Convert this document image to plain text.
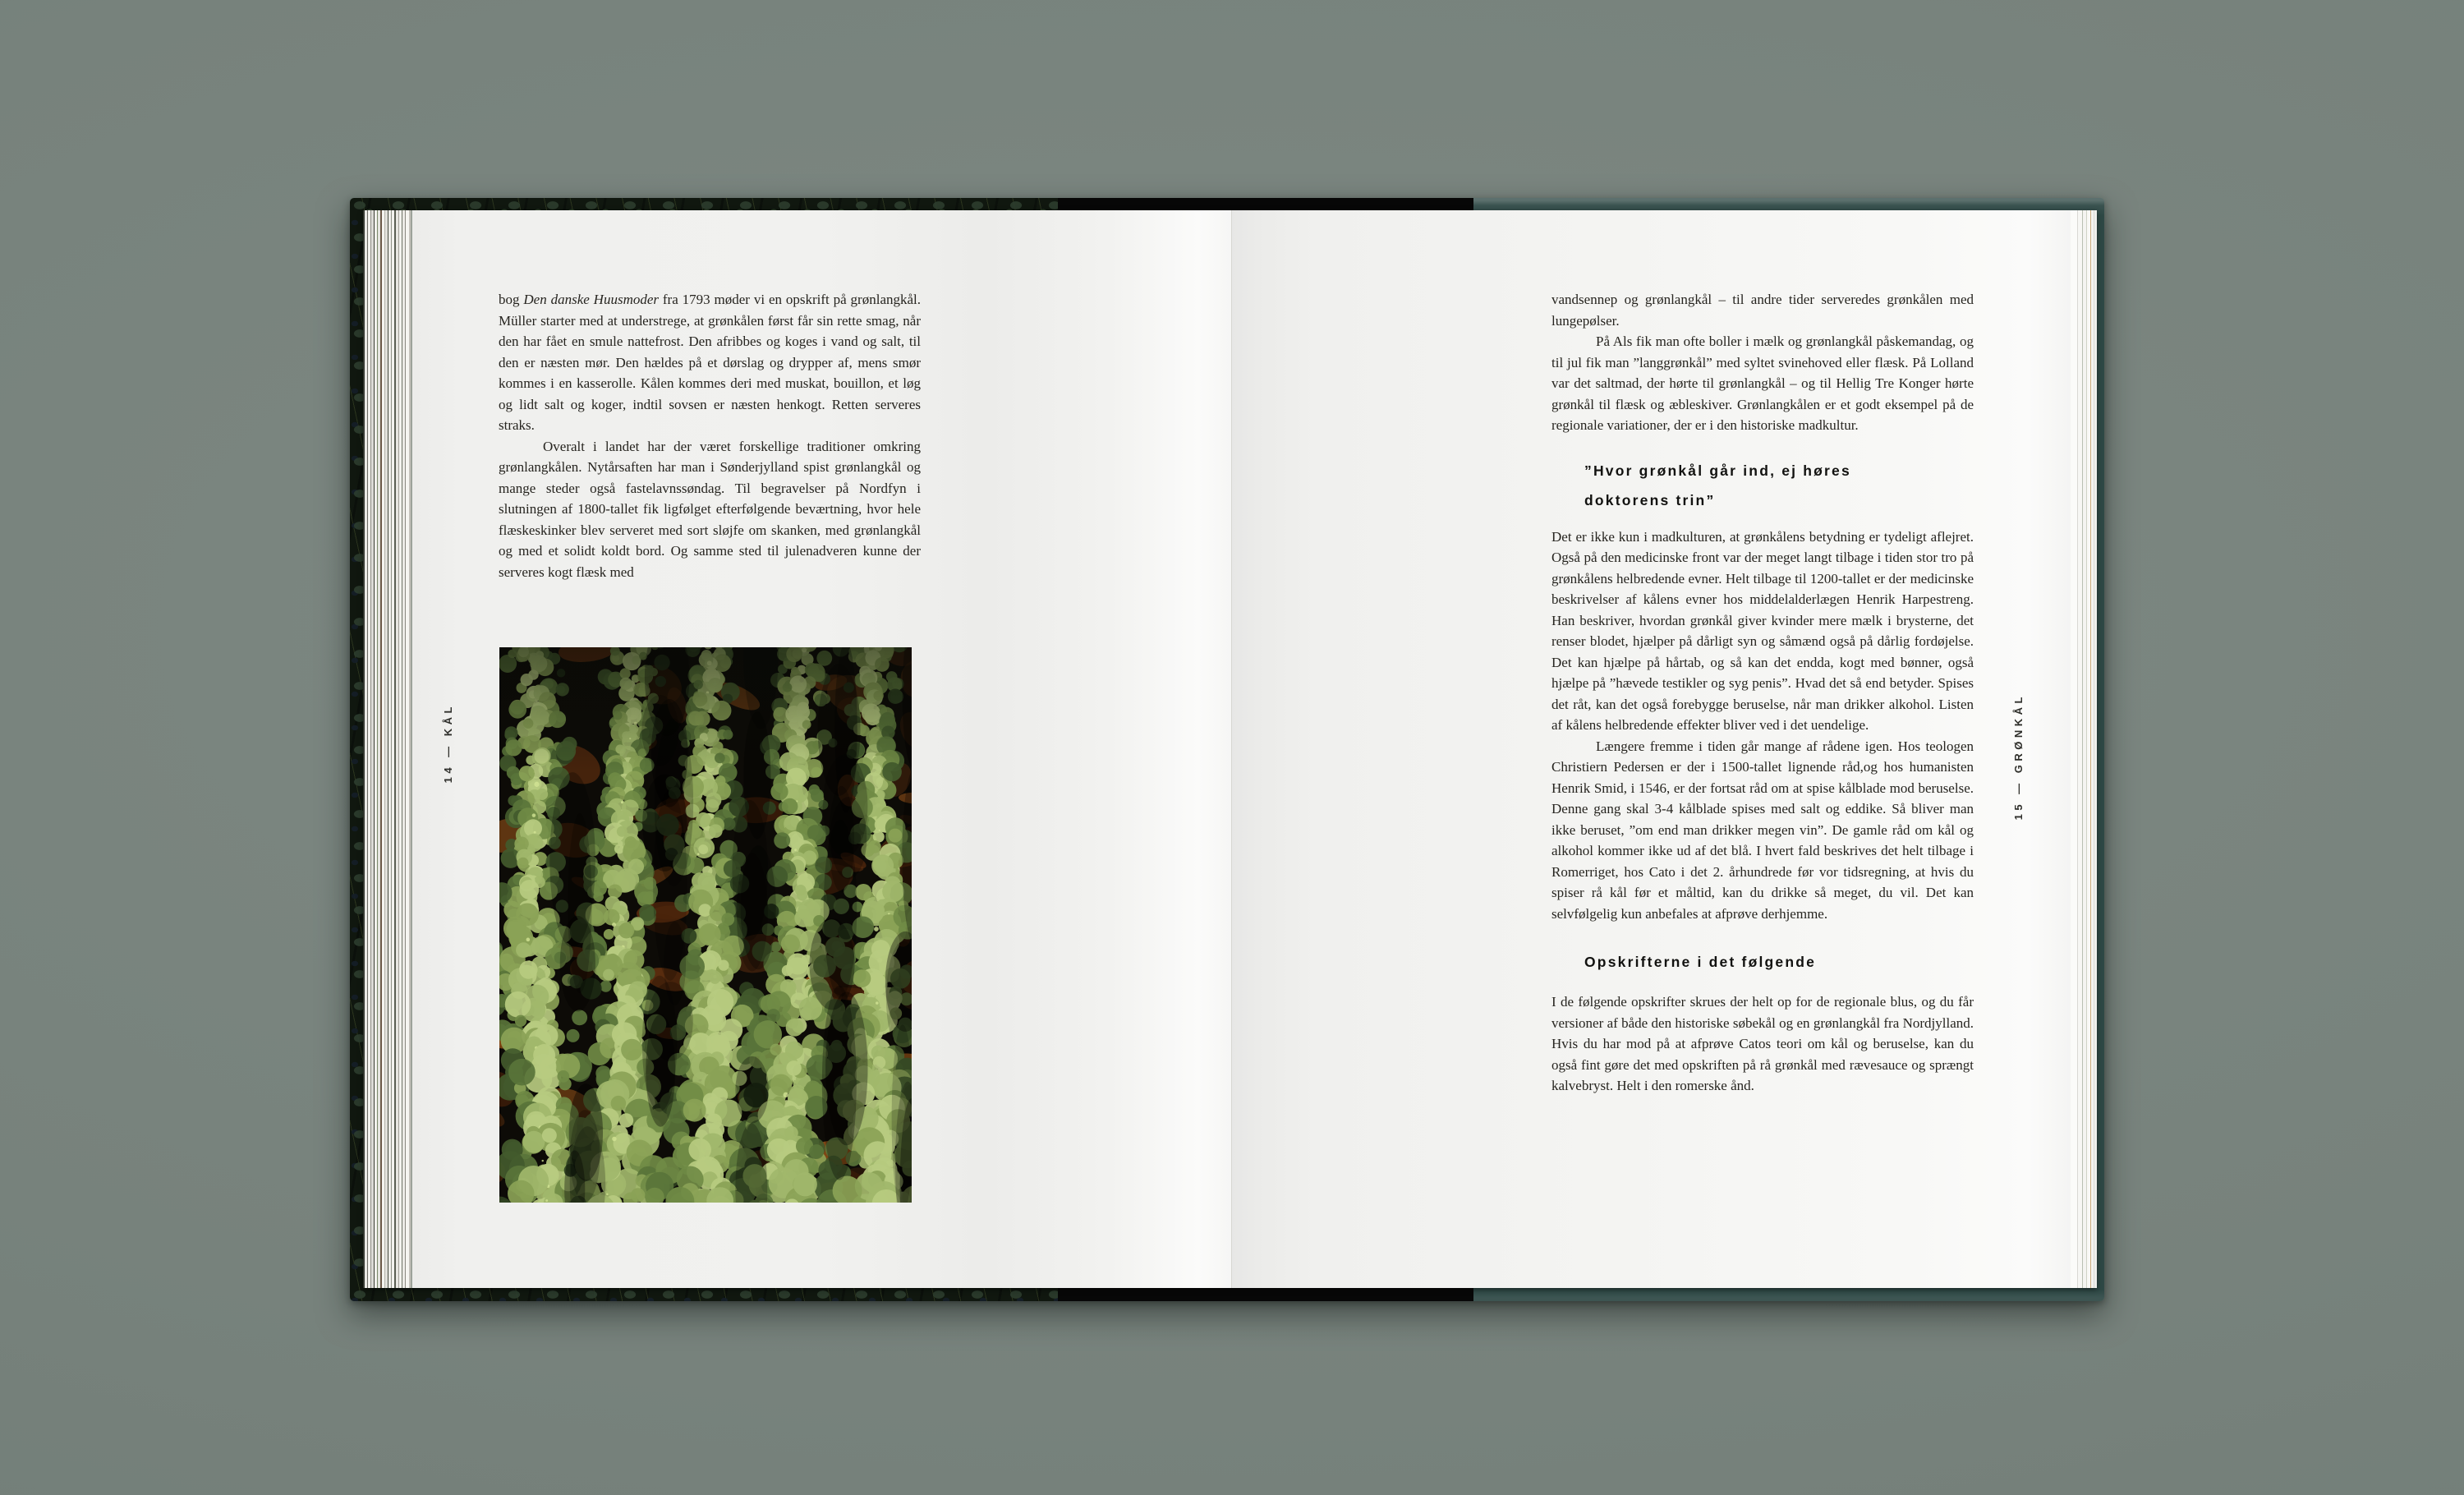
14 — KÅL

bog Den danske Huusmoder fra 1793 møder vi en opskrift på grønlangkål. Müller starter med at understrege, at grønkålen først får sin rette smag, når den har fået en smule nattefrost. Den afribbes og koges i vand og salt, til den er næsten mør. Den hældes på et dørslag og drypper af, mens smør kommes i en kasserolle. Kålen kommes deri med muskat, bouillon, et løg og lidt salt og koger, indtil sovsen er næsten henkogt. Retten serveres straks.

Overalt i landet har der været forskellige traditioner omkring grønlangkålen. Nytårsaften har man i Sønderjylland spist grønlangkål og mange steder også fastelavnssøndag. Til begravelser på Nordfyn i slutningen af 1800-tallet fik ligfølget efterfølgende beværtning, hvor hele flæskeskinker blev serveret med sort sløjfe om skanken, med grønlangkål og med et solidt koldt bord. Og samme sted til julenadveren kunne der serveres kogt flæsk med

15 — GRØNKÅL

vandsennep og grønlangkål – til andre tider serveredes grønkålen med lungepølser.

På Als fik man ofte boller i mælk og grønlangkål påskemandag, og til jul fik man ”langgrønkål” med syltet svinehoved eller flæsk. På Lolland var det saltmad, der hørte til grønlangkål – og til Hellig Tre Konger hørte grønkål til flæsk og æbleskiver. Grønlangkålen er et godt eksempel på de regionale variationer, der er i den historiske madkultur.

”Hvor grønkål går ind, ej høres
doktorens trin”

Det er ikke kun i madkulturen, at grønkålens betydning er tydeligt aflejret. Også på den medicinske front var der meget langt tilbage i tiden stor tro på grønkålens helbredende evner. Helt tilbage til 1200-tallet er der medicinske beskrivelser af kålens evner hos middelalderlægen Henrik Harpestreng. Han beskriver, hvordan grønkål giver kvinder mere mælk i brysterne, det renser blodet, hjælper på dårligt syn og såmænd også på dårlig fordøjelse. Det kan hjælpe på hårtab, og så kan det endda, kogt med bønner, også hjælpe på ”hævede testikler og syg penis”. Hvad det så end betyder. Spises det råt, kan det også forebygge beruselse, når man drikker alkohol. Listen af kålens helbredende effekter bliver ved i det uendelige.

Længere fremme i tiden går mange af rådene igen. Hos teologen Christiern Pedersen er der i 1500-tallet lignende råd,og hos humanisten Henrik Smid, i 1546, er der fortsat råd om at spise kålblade mod beruselse. Denne gang skal 3-4 kålblade spises med salt og eddike. Så bliver man ikke beruset, ”om end man drikker megen vin”. De gamle råd om kål og alkohol kommer ikke ud af det blå. I hvert fald beskrives det helt tilbage i Romerriget, hos Cato i det 2. århundrede før vor tidsregning, at hvis du spiser rå kål før et måltid, kan du drikke så meget, du vil. Det kan selvfølgelig kun anbefales at afprøve derhjemme.

Opskrifterne i det følgende

I de følgende opskrifter skrues der helt op for de regionale blus, og du får versioner af både den historiske søbekål og en grønlangkål fra Nordjylland. Hvis du har mod på at afprøve Catos teori om kål og beruselse, kan du også fint gøre det med opskriften på rå grønkål med rævesauce og sprængt kalvebryst. Helt i den romerske ånd.
